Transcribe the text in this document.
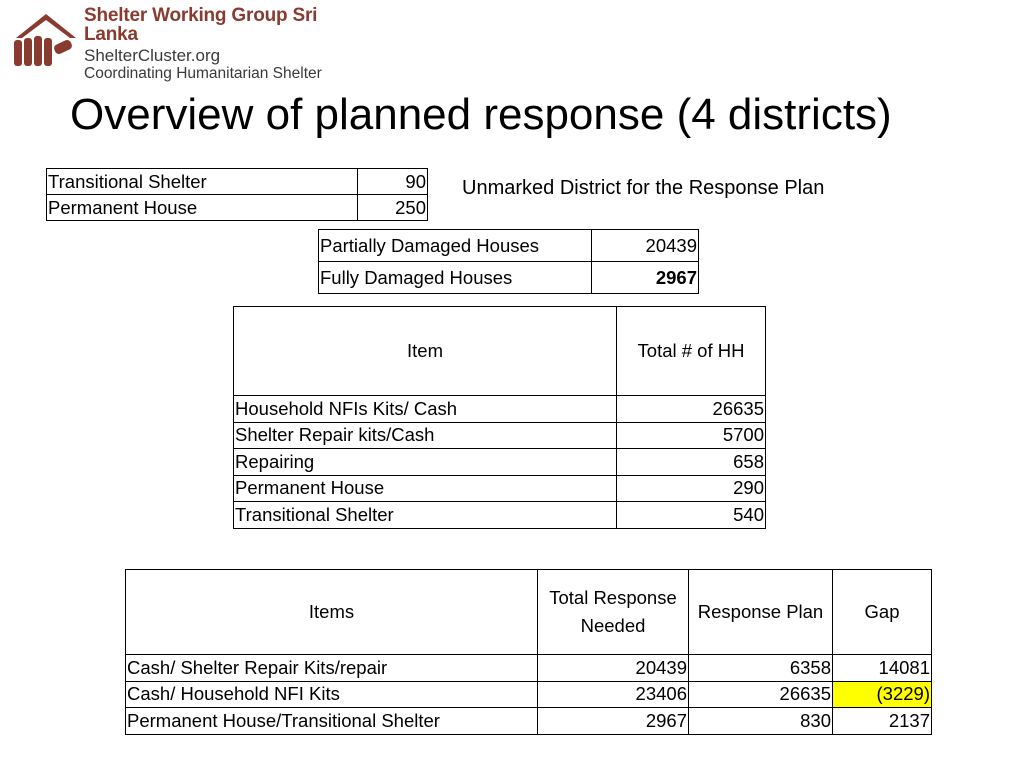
Shelter Working Group Sri Lanka
ShelterCluster.org
Coordinating Humanitarian Shelter
Overview of planned response (4 districts)
Unmarked District for the Response Plan
Transitional Shelter	90
Permanent House	250
Partially Damaged Houses	20439
Fully Damaged Houses	2967
Item	Total # of HH
Household NFIs Kits/ Cash	26635
Shelter Repair kits/Cash	5700
Repairing	658
Permanent House	290
Transitional Shelter	540
Items	Total Response Needed	Response Plan	Gap
Cash/ Shelter Repair Kits/repair	20439	6358	14081
Cash/ Household NFI Kits	23406	26635	(3229)
Permanent House/Transitional Shelter	2967	830	2137
